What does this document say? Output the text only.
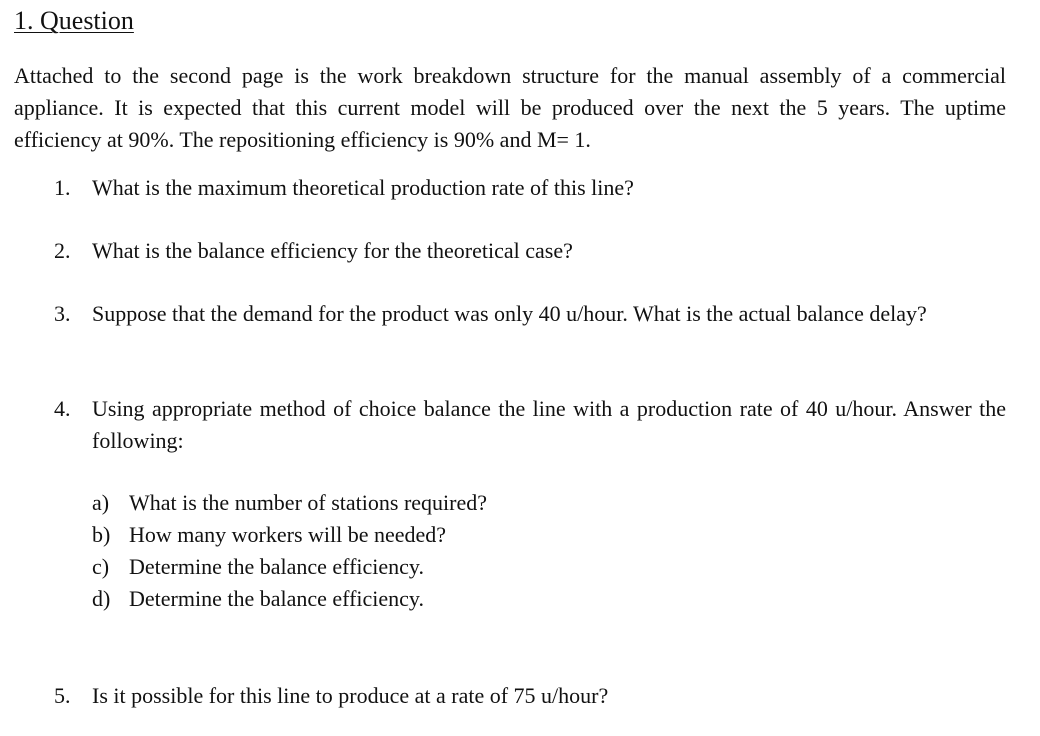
1. Question

Attached to the second page is the work breakdown structure for the manual assembly of a commercial appliance. It is expected that this current model will be produced over the next the 5 years. The uptime efficiency at 90%. The repositioning efficiency is 90% and M= 1.

1. What is the maximum theoretical production rate of this line?
2. What is the balance efficiency for the theoretical case?
3. Suppose that the demand for the product was only 40 u/hour. What is the actual balance delay?
4. Using appropriate method of choice balance the line with a production rate of 40 u/hour. Answer the following:
a) What is the number of stations required?
b) How many workers will be needed?
c) Determine the balance efficiency.
d) Determine the balance efficiency.
5. Is it possible for this line to produce at a rate of 75 u/hour?
